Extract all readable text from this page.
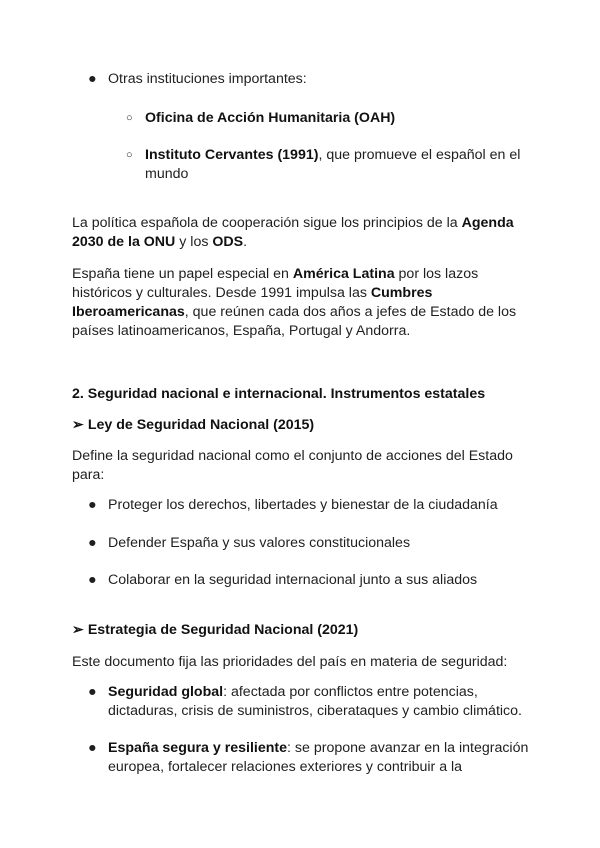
● Otras instituciones importantes:
○ Oficina de Acción Humanitaria (OAH)
○ Instituto Cervantes (1991), que promueve el español en el mundo
La política española de cooperación sigue los principios de la Agenda 2030 de la ONU y los ODS.
España tiene un papel especial en América Latina por los lazos históricos y culturales. Desde 1991 impulsa las Cumbres Iberoamericanas, que reúnen cada dos años a jefes de Estado de los países latinoamericanos, España, Portugal y Andorra.
2. Seguridad nacional e internacional. Instrumentos estatales
➢ Ley de Seguridad Nacional (2015)
Define la seguridad nacional como el conjunto de acciones del Estado para:
● Proteger los derechos, libertades y bienestar de la ciudadanía
● Defender España y sus valores constitucionales
● Colaborar en la seguridad internacional junto a sus aliados
➢ Estrategia de Seguridad Nacional (2021)
Este documento fija las prioridades del país en materia de seguridad:
● Seguridad global: afectada por conflictos entre potencias, dictaduras, crisis de suministros, ciberataques y cambio climático.
● España segura y resiliente: se propone avanzar en la integración europea, fortalecer relaciones exteriores y contribuir a la
